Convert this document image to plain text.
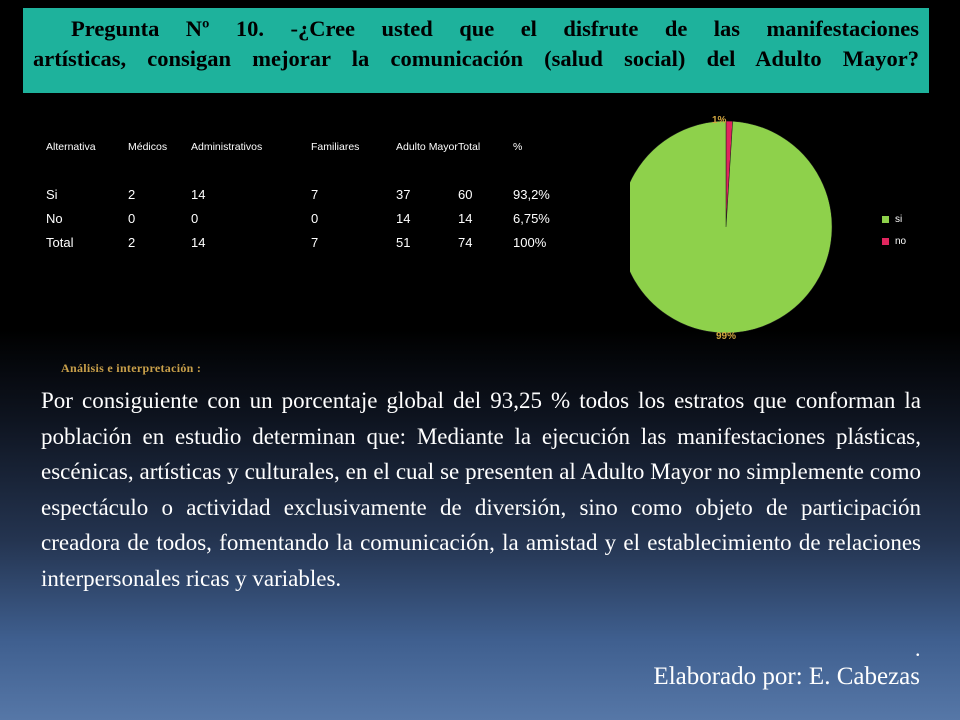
Pregunta Nº 10. -¿Cree usted que el disfrute de las manifestaciones
artísticas, consigan mejorar la comunicación (salud social) del Adulto Mayor?

Alternativa	Médicos	Administrativos	Familiares	Adulto Mayor	Total	%
Si	2	14	7	37	60	93,2%
No	0	0	0	14	14	6,75%
Total	2	14	7	51	74	100%
1%
99%
si
no
Análisis e interpretación :

Por consiguiente con un porcentaje global del 93,25 % todos los estratos que conforman la población en estudio determinan que: Mediante la ejecución las manifestaciones plásticas, escénicas, artísticas y culturales, en el cual se presenten al Adulto Mayor no simplemente como espectáculo o actividad exclusivamente de diversión, sino como objeto de participación creadora de todos, fomentando la comunicación, la amistad y el establecimiento de relaciones interpersonales ricas y variables.

.
Elaborado por: E. Cabezas
